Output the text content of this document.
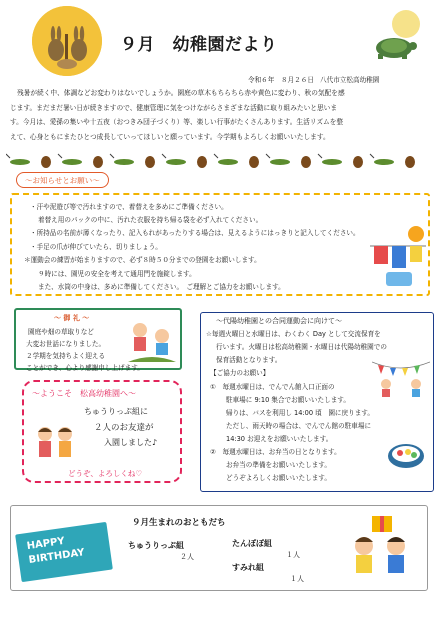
９月　幼稚園だより
令和６年　８月２６日 八代市立松高幼稚園
残暑が続く中、体調などお変わりはないでしょうか。園庭の草木もちらちら赤や黄色に変わり、秋の気配を感
じます。まだまだ暑い日が続きますので、健康管理に気をつけながらさまざまな活動に取り組みたいと思いま
す。今月は、愛孫の集いや十五夜（おつきみ団子づくり）等、楽しい行事がたくさんあります。生活リズムを整
えて、心身ともにまたひとつ成長していってほしいと願っています。今学期もよろしくお願いいたします。
～お知らせとお願い～
・汗や泥遊び等で汚れますので、着替えを多めにご準備ください。
着替え用のパックの中に、汚れた衣服を持ち帰る袋を必ず入れてください。
・所持品の名前が薄くなったり、記入もれがあったりする場合は、見えるようにはっきりと記入してください。
・手足の爪が伸びていたら、切りましょう。
＊運動会の練習が始まりますので、必ず８時５０分までの登園をお願いします。
９時には、園児の安全を考えて通用門を施錠します。
また、水筒の中身は、多めに準備してください。　ご理解とご協力をお願いします。
～ 御 礼 ～
園庭や畑の草取りなど
大変お世話になりました。
２学期を気持ちよく迎える
ことができ、心より感謝申し上げます。
～ようこそ　松高幼稚園へ～
ちゅうりっぷ組に
２人のお友達が
入園しました♪
どうぞ、よろしくね♡
～代陽幼稚園との合同運動会に向けて～
☆毎週火曜日と水曜日は、わくわく Day として交流保育を
行います。火曜日は松高幼稚園・水曜日は代陽幼稚園での
保育活動となります。
【ご協力のお願い】
①　毎週水曜日は、でんでん館入口正面の
駐車場に 9:10 集合でお願いいたします。
帰りは、バスを利用し 14:00 頃　園に戻ります。
ただし、雨天時の場合は、でんでん館の駐車場に
14:30 お迎えをお願いいたします。
②　毎週水曜日は、お弁当の日となります。
お弁当の準備をお願いいたします。
どうぞよろしくお願いいたします。
９月生まれのおともだち
HAPPY
BIRTHDAY
ちゅうりっぷ組
２人
たんぽぽ組
１人
すみれ組
１人
